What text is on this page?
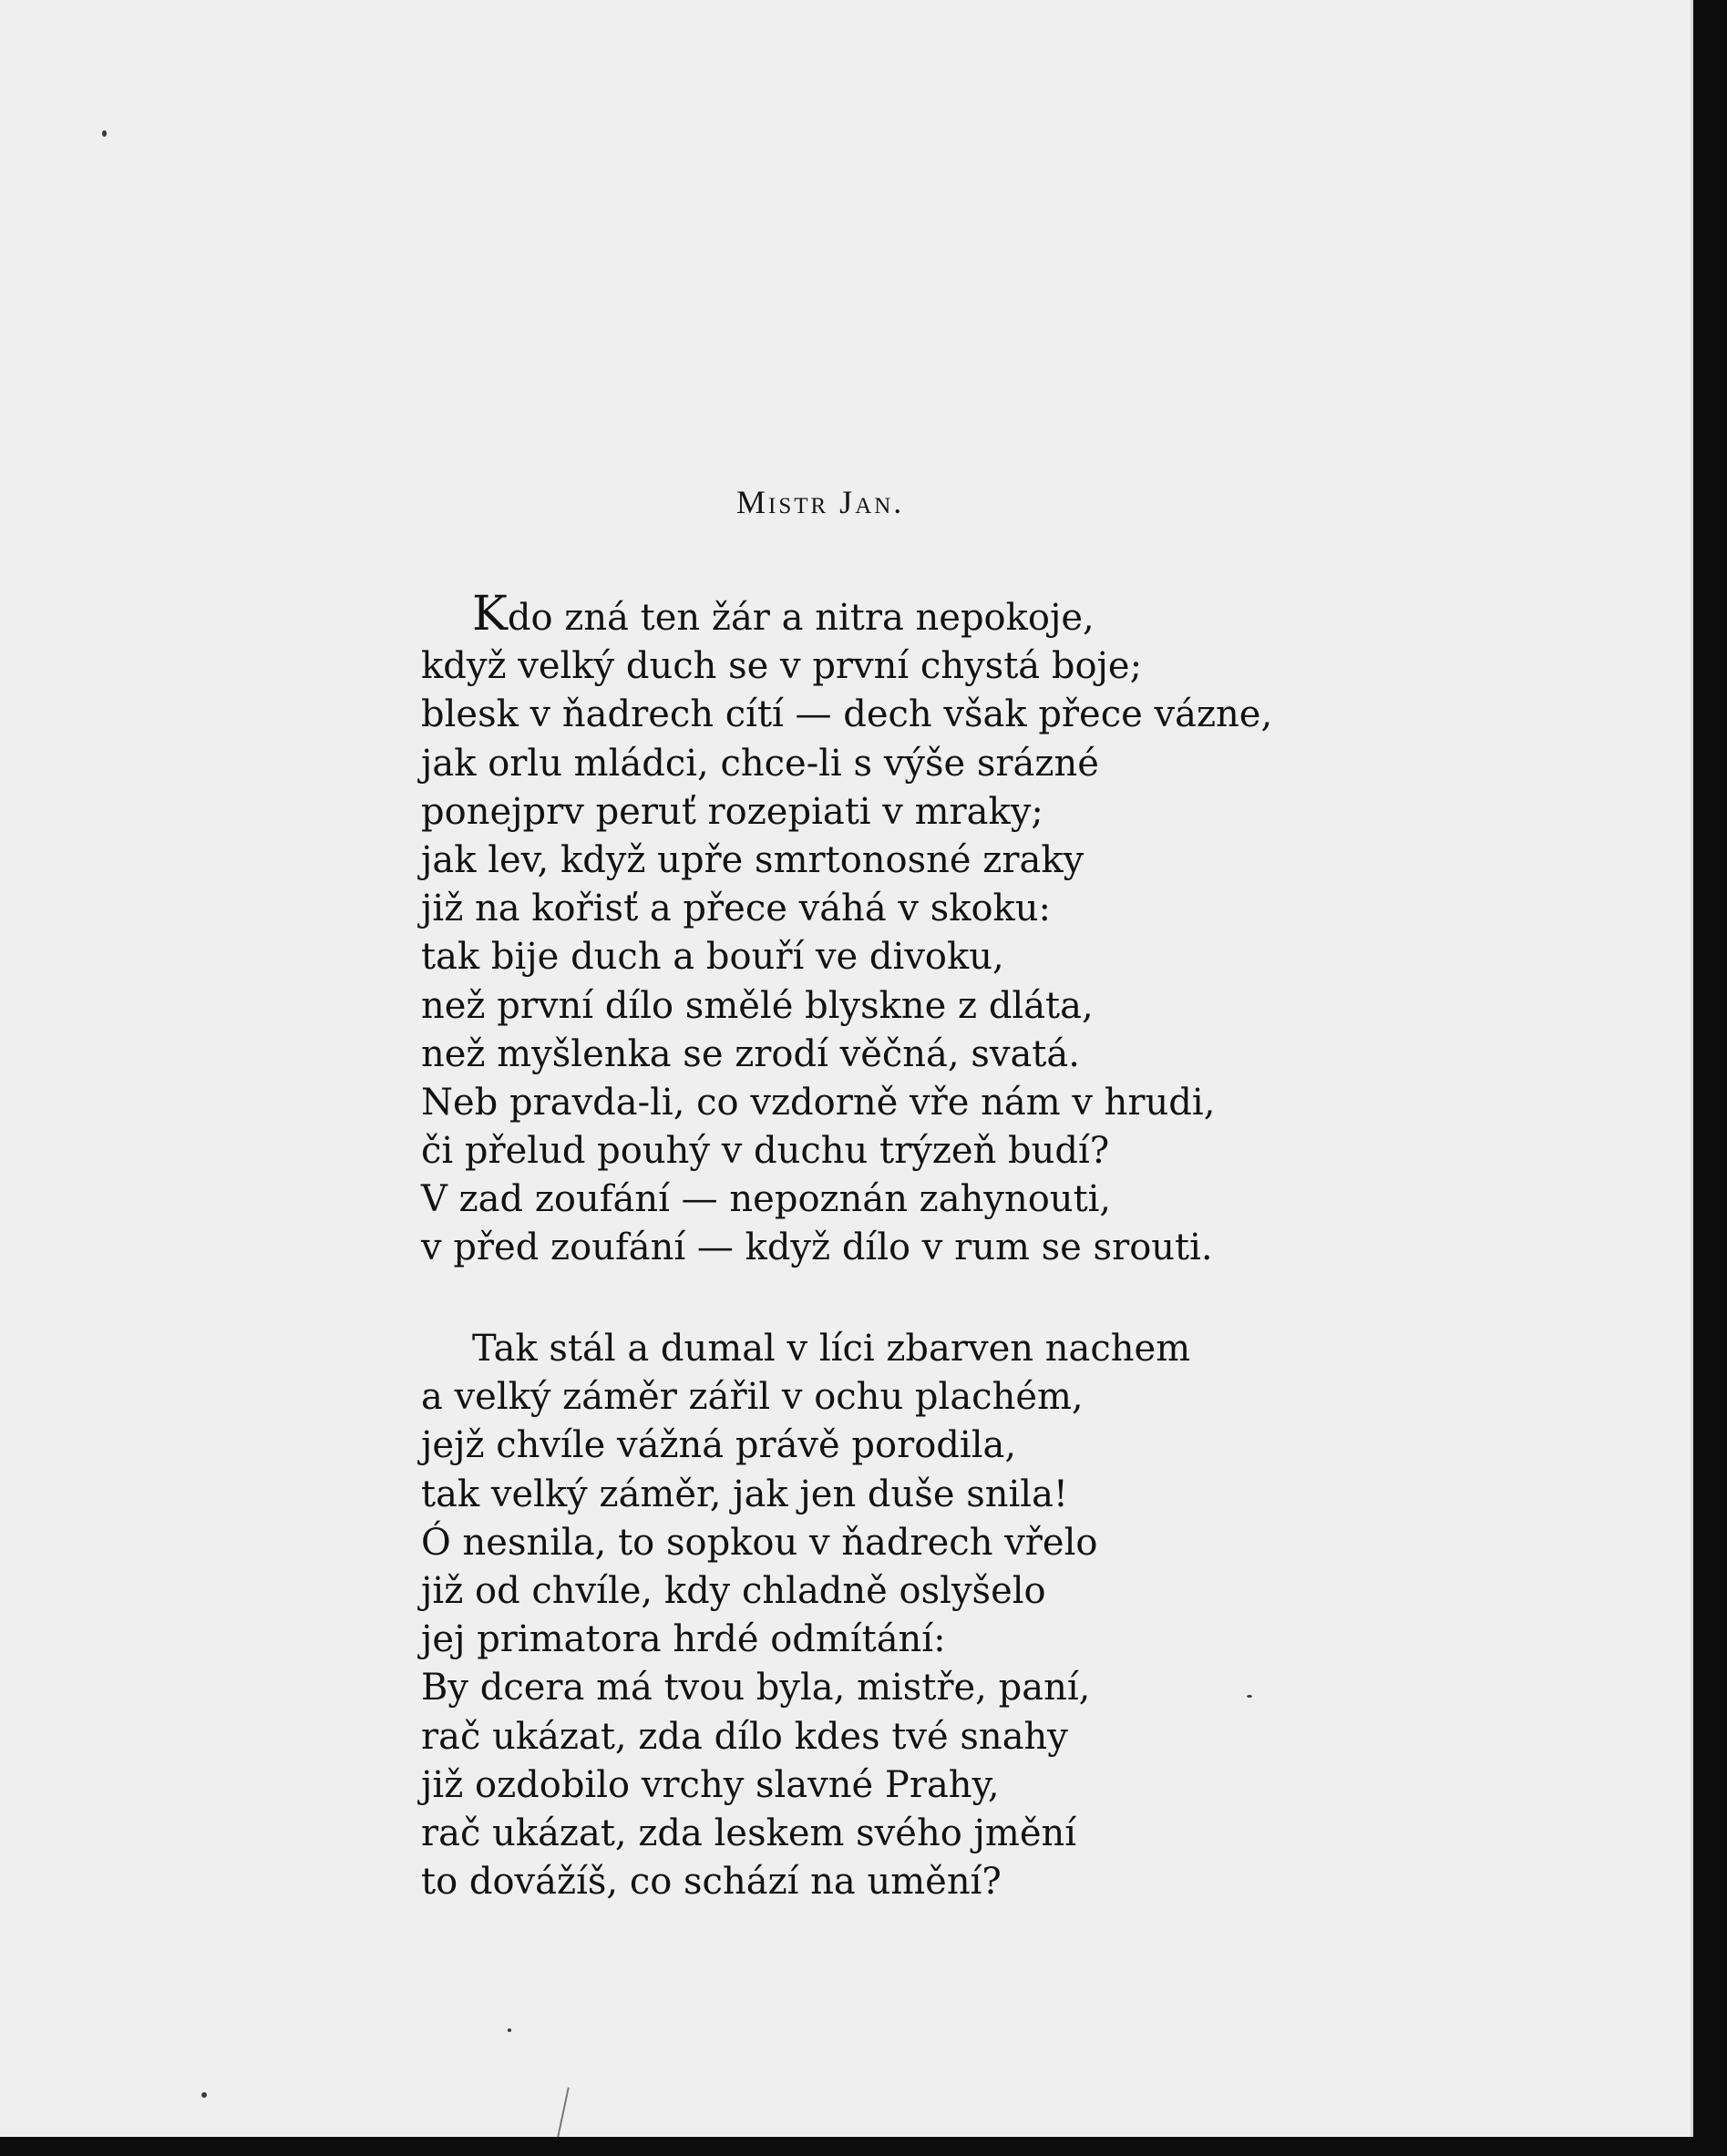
Mistr Jan.
Kdo zná ten žár a nitra nepokoje,
když velký duch se v první chystá boje;
blesk v ňadrech cítí — dech však přece vázne,
jak orlu mládci, chce-li s výše srázné
ponejprv peruť rozepiati v mraky;
jak lev, když upře smrtonosné zraky
již na kořisť a přece váhá v skoku:
tak bije duch a bouří ve divoku,
než první dílo smělé blyskne z dláta,
než myšlenka se zrodí věčná, svatá.
Neb pravda-li, co vzdorně vře nám v hrudi,
či přelud pouhý v duchu trýzeň budí?
V zad zoufání — nepoznán zahynouti,
v před zoufání — když dílo v rum se srouti.
Tak stál a dumal v líci zbarven nachem
a velký záměr zářil v ochu plachém,
jejž chvíle vážná právě porodila,
tak velký záměr, jak jen duše snila!
Ó nesnila, to sopkou v ňadrech vřelo
již od chvíle, kdy chladně oslyšelo
jej primatora hrdé odmítání:
By dcera má tvou byla, mistře, paní,
rač ukázat, zda dílo kdes tvé snahy
již ozdobilo vrchy slavné Prahy,
rač ukázat, zda leskem svého jmění
to dovážíš, co schází na umění?
